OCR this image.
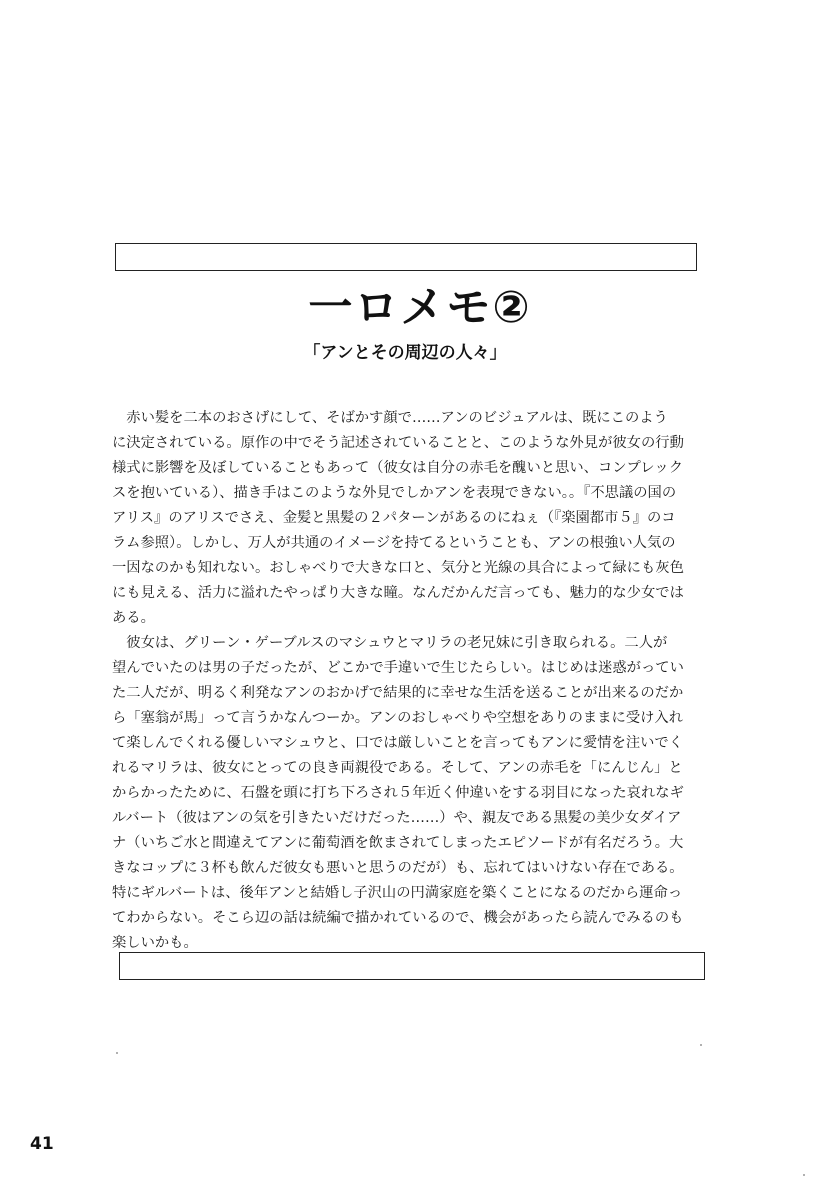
一ロメモ②
「アンとその周辺の人々」
　赤い髪を二本のおさげにして、そばかす顔で……アンのビジュアルは、既にこのよう
に決定されている。原作の中でそう記述されていることと、このような外見が彼女の行動
様式に影響を及ぼしていることもあって（彼女は自分の赤毛を醜いと思い、コンプレック
スを抱いている）、描き手はこのような外見でしかアンを表現できない。。『不思議の国の
アリス』のアリスでさえ、金髪と黒髪の２パターンがあるのにねぇ（『楽園都市５』のコ
ラム参照）。しかし、万人が共通のイメージを持てるということも、アンの根強い人気の
一因なのかも知れない。おしゃべりで大きな口と、気分と光線の具合によって緑にも灰色
にも見える、活力に溢れたやっぱり大きな瞳。なんだかんだ言っても、魅力的な少女では
ある。
　彼女は、グリーン・ゲーブルスのマシュウとマリラの老兄妹に引き取られる。二人が
望んでいたのは男の子だったが、どこかで手違いで生じたらしい。はじめは迷惑がってい
た二人だが、明るく利発なアンのおかげで結果的に幸せな生活を送ることが出来るのだか
ら「塞翁が馬」って言うかなんつーか。アンのおしゃべりや空想をありのままに受け入れ
て楽しんでくれる優しいマシュウと、口では厳しいことを言ってもアンに愛情を注いでく
れるマリラは、彼女にとっての良き両親役である。そして、アンの赤毛を「にんじん」と
からかったために、石盤を頭に打ち下ろされ５年近く仲違いをする羽目になった哀れなギ
ルバート（彼はアンの気を引きたいだけだった……）や、親友である黒髪の美少女ダイア
ナ（いちご水と間違えてアンに葡萄酒を飲まされてしまったエピソードが有名だろう。大
きなコップに３杯も飲んだ彼女も悪いと思うのだが）も、忘れてはいけない存在である。
特にギルバートは、後年アンと結婚し子沢山の円満家庭を築くことになるのだから運命っ
てわからない。そこら辺の話は続編で描かれているので、機会があったら読んでみるのも
楽しいかも。
41
